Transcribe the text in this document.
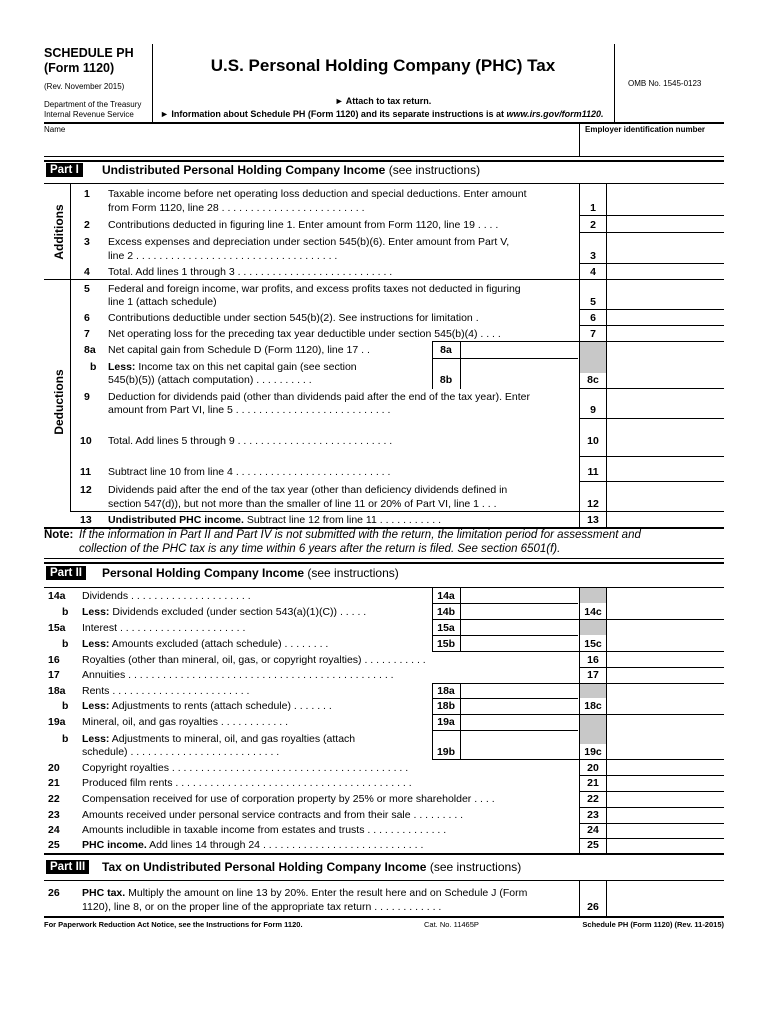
SCHEDULE PH
(Form 1120)
(Rev. November 2015)
Department of the Treasury
Internal Revenue Service
U.S. Personal Holding Company (PHC) Tax
► Attach to tax return.
► Information about Schedule PH (Form 1120) and its separate instructions is at www.irs.gov/form1120.
OMB No. 1545-0123
Name	Employer identification number
Part I	Undistributed Personal Holding Company Income (see instructions)
Additions
Deductions
1 Taxable income before net operating loss deduction and special deductions. Enter amount
from Form 1120, line 28 . . . . . . . . . . . . . . . . . . . . . . . . .	1
2 Contributions deducted in figuring line 1. Enter amount from Form 1120, line 19 . . . .	2
3 Excess expenses and depreciation under section 545(b)(6). Enter amount from Part V,
line 2 . . . . . . . . . . . . . . . . . . . . . . . . . . . . . . . . . . .	3
4 Total. Add lines 1 through 3 . . . . . . . . . . . . . . . . . . . . . . . . . . .	4
5 Federal and foreign income, war profits, and excess profits taxes not deducted in figuring
line 1 (attach schedule)	5
6 Contributions deductible under section 545(b)(2). See instructions for limitation .	6
7 Net operating loss for the preceding tax year deductible under section 545(b)(4) . . . .	7
8a Net capital gain from Schedule D (Form 1120), line 17 . .	8a
b Less: Income tax on this net capital gain (see section
545(b)(5)) (attach computation) . . . . . . . . . .	8b	8c
9 Deduction for dividends paid (other than dividends paid after the end of the tax year). Enter
amount from Part VI, line 5 . . . . . . . . . . . . . . . . . . . . . . . . . . .	9
10 Total. Add lines 5 through 9 . . . . . . . . . . . . . . . . . . . . . . . . . . .	10
11 Subtract line 10 from line 4 . . . . . . . . . . . . . . . . . . . . . . . . . . .	11
12 Dividends paid after the end of the tax year (other than deficiency dividends defined in
section 547(d)), but not more than the smaller of line 11 or 20% of Part VI, line 1 . . .	12
13 Undistributed PHC income. Subtract line 12 from line 11 . . . . . . . . . . .	13
Note: If the information in Part II and Part IV is not submitted with the return, the limitation period for assessment and
collection of the PHC tax is any time within 6 years after the return is filed. See section 6501(f).
Part II	Personal Holding Company Income (see instructions)
14a Dividends . . . . . . . . . . . . . . . . . . . . .	14a
b Less: Dividends excluded (under section 543(a)(1)(C)) . . . . .	14b	14c
15a Interest . . . . . . . . . . . . . . . . . . . . . .	15a
b Less: Amounts excluded (attach schedule) . . . . . . . .	15b	15c
16 Royalties (other than mineral, oil, gas, or copyright royalties) . . . . . . . . . . .	16
17 Annuities . . . . . . . . . . . . . . . . . . . . . . . . . . . . . . . . . . . . . . . . . . . . . .	17
18a Rents . . . . . . . . . . . . . . . . . . . . . . . .	18a
b Less: Adjustments to rents (attach schedule) . . . . . . .	18b	18c
19a Mineral, oil, and gas royalties . . . . . . . . . . . .	19a
b Less: Adjustments to mineral, oil, and gas royalties (attach
schedule) . . . . . . . . . . . . . . . . . . . . . . . . . .	19b	19c
20 Copyright royalties . . . . . . . . . . . . . . . . . . . . . . . . . . . . . . . . . . . . . . . . .	20
21 Produced film rents . . . . . . . . . . . . . . . . . . . . . . . . . . . . . . . . . . . . . . . . .	21
22 Compensation received for use of corporation property by 25% or more shareholder . . . .	22
23 Amounts received under personal service contracts and from their sale . . . . . . . . .	23
24 Amounts includible in taxable income from estates and trusts . . . . . . . . . . . . . .	24
25 PHC income. Add lines 14 through 24 . . . . . . . . . . . . . . . . . . . . . . . . . . . .	25
Part III	Tax on Undistributed Personal Holding Company Income (see instructions)
26 PHC tax. Multiply the amount on line 13 by 20%. Enter the result here and on Schedule J (Form
1120), line 8, or on the proper line of the appropriate tax return . . . . . . . . . . . .	26
For Paperwork Reduction Act Notice, see the Instructions for Form 1120.	Cat. No. 11465P	Schedule PH (Form 1120) (Rev. 11-2015)
